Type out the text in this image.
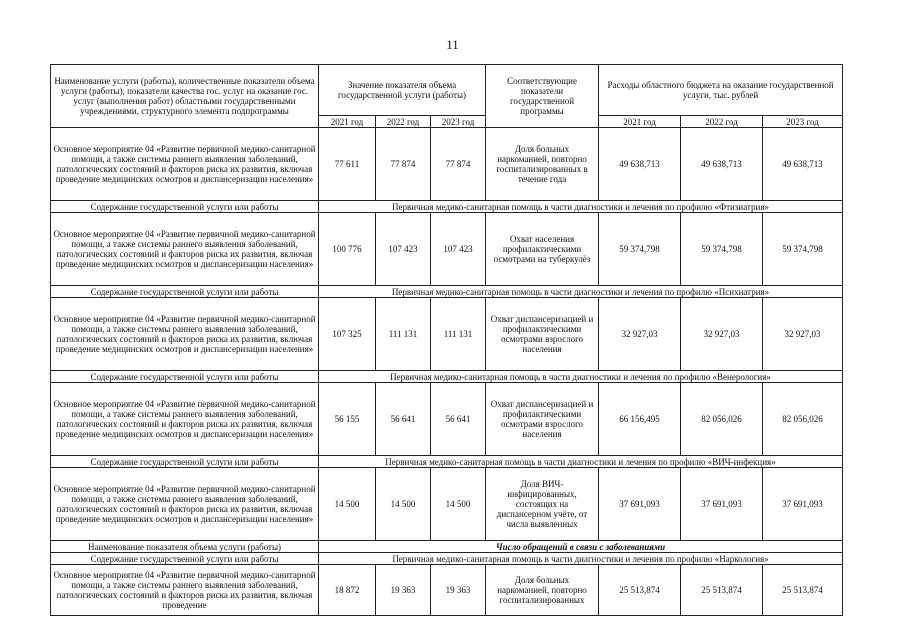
11
Наименование услуги (работы), количественные показатели объема услуги (работы), показатели качества гос. услуг на оказание гос. услуг (выполнения работ) областными государственными учреждениями, структурного элемента подпрограммы	Значение показателя объема государственной услуги (работы)			Соответствующие показатели государственной программы	Расходы областного бюджета на оказание государственной услуги, тыс. рублей		
	2021 год	2022 год	2023 год		2021 год	2022 год	2023 год
Основное мероприятие 04 «Развитие первичной медико-санитарной помощи, а также системы раннего выявления заболеваний, патологических состояний и факторов риска их развития, включая проведение медицинских осмотров и диспансеризации населения»	77 611	77 874	77 874	Доля больных наркоманией, повторно госпитализированных в течение года	49 638,713	49 638,713	49 638,713
Содержание государственной услуги или работы	Первичная медико-санитарная помощь в части диагностики и лечения по профилю «Фтизиатрия»						
Основное мероприятие 04 «Развитие первичной медико-санитарной помощи, а также системы раннего выявления заболеваний, патологических состояний и факторов риска их развития, включая проведение медицинских осмотров и диспансеризации населения»	100 776	107 423	107 423	Охват населения профилактическими осмотрами на туберкулёз	59 374,798	59 374,798	59 374,798
Содержание государственной услуги или работы	Первичная медико-санитарная помощь в части диагностики и лечения по профилю «Психиатрия»						
Основное мероприятие 04 «Развитие первичной медико-санитарной помощи, а также системы раннего выявления заболеваний, патологических состояний и факторов риска их развития, включая проведение медицинских осмотров и диспансеризации населения»	107 325	111 131	111 131	Охват диспансеризацией и профилактическими осмотрами взрослого населения	32 927,03	32 927,03	32 927,03
Содержание государственной услуги или работы	Первичная медико-санитарная помощь в части диагностики и лечения по профилю «Венерология»						
Основное мероприятие 04 «Развитие первичной медико-санитарной помощи, а также системы раннего выявления заболеваний, патологических состояний и факторов риска их развития, включая проведение медицинских осмотров и диспансеризации населения»	56 155	56 641	56 641	Охват диспансеризацией и профилактическими осмотрами взрослого населения	66 156,495	82 056,026	82 056,026
Содержание государственной услуги или работы	Первичная медико-санитарная помощь в части диагностики и лечения по профилю «ВИЧ-инфекция»						
Основное мероприятие 04 «Развитие первичной медико-санитарной помощи, а также системы раннего выявления заболеваний, патологических состояний и факторов риска их развития, включая проведение медицинских осмотров и диспансеризации населения»	14 500	14 500	14 500	Доля ВИЧ-инфицированных, состоящих на диспансерном учёте, от числа выявленных	37 691,093	37 691,093	37 691,093
Наименование показателя объема услуги (работы)	Число обращений в связи с заболеваниями						
Содержание государственной услуги или работы	Первичная медико-санитарная помощь в части диагностики и лечения по профилю «Наркология»						
Основное мероприятие 04 «Развитие первичной медико-санитарной помощи, а также системы раннего выявления заболеваний, патологических состояний и факторов риска их развития, включая проведение	18 872	19 363	19 363	Доля больных наркоманией, повторно госпитализированных	25 513,874	25 513,874	25 513,874
